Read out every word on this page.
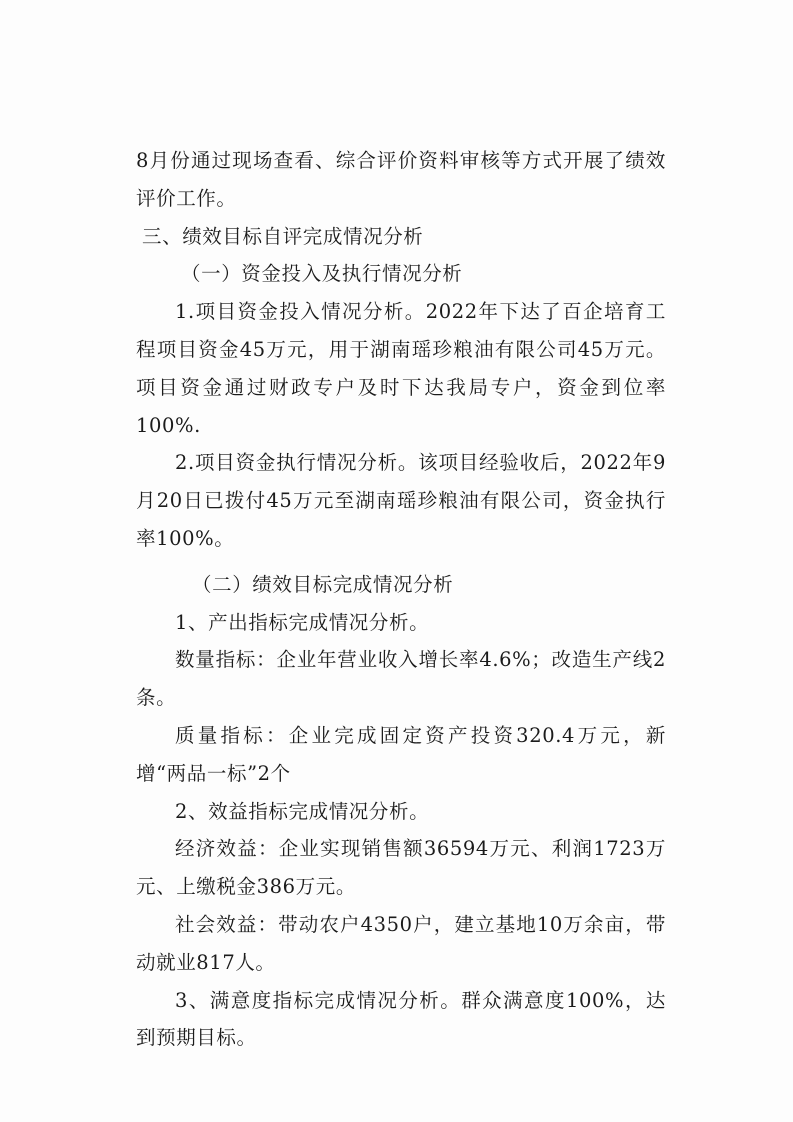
8月份通过现场查看、综合评价资料审核等方式开展了绩效评价工作。

三、绩效目标自评完成情况分析

（一）资金投入及执行情况分析

1.项目资金投入情况分析。2022年下达了百企培育工程项目资金45万元，用于湖南瑶珍粮油有限公司45万元。项目资金通过财政专户及时下达我局专户，资金到位率100%.

2.项目资金执行情况分析。该项目经验收后，2022年9月20日已拨付45万元至湖南瑶珍粮油有限公司，资金执行率100%。

（二）绩效目标完成情况分析

1、产出指标完成情况分析。

数量指标：企业年营业收入增长率4.6%；改造生产线2条。

质量指标：企业完成固定资产投资320.4万元，新增“两品一标”2个

2、效益指标完成情况分析。

经济效益：企业实现销售额36594万元、利润1723万元、上缴税金386万元。

社会效益：带动农户4350户，建立基地10万余亩，带动就业817人。

3、满意度指标完成情况分析。群众满意度100%，达到预期目标。
